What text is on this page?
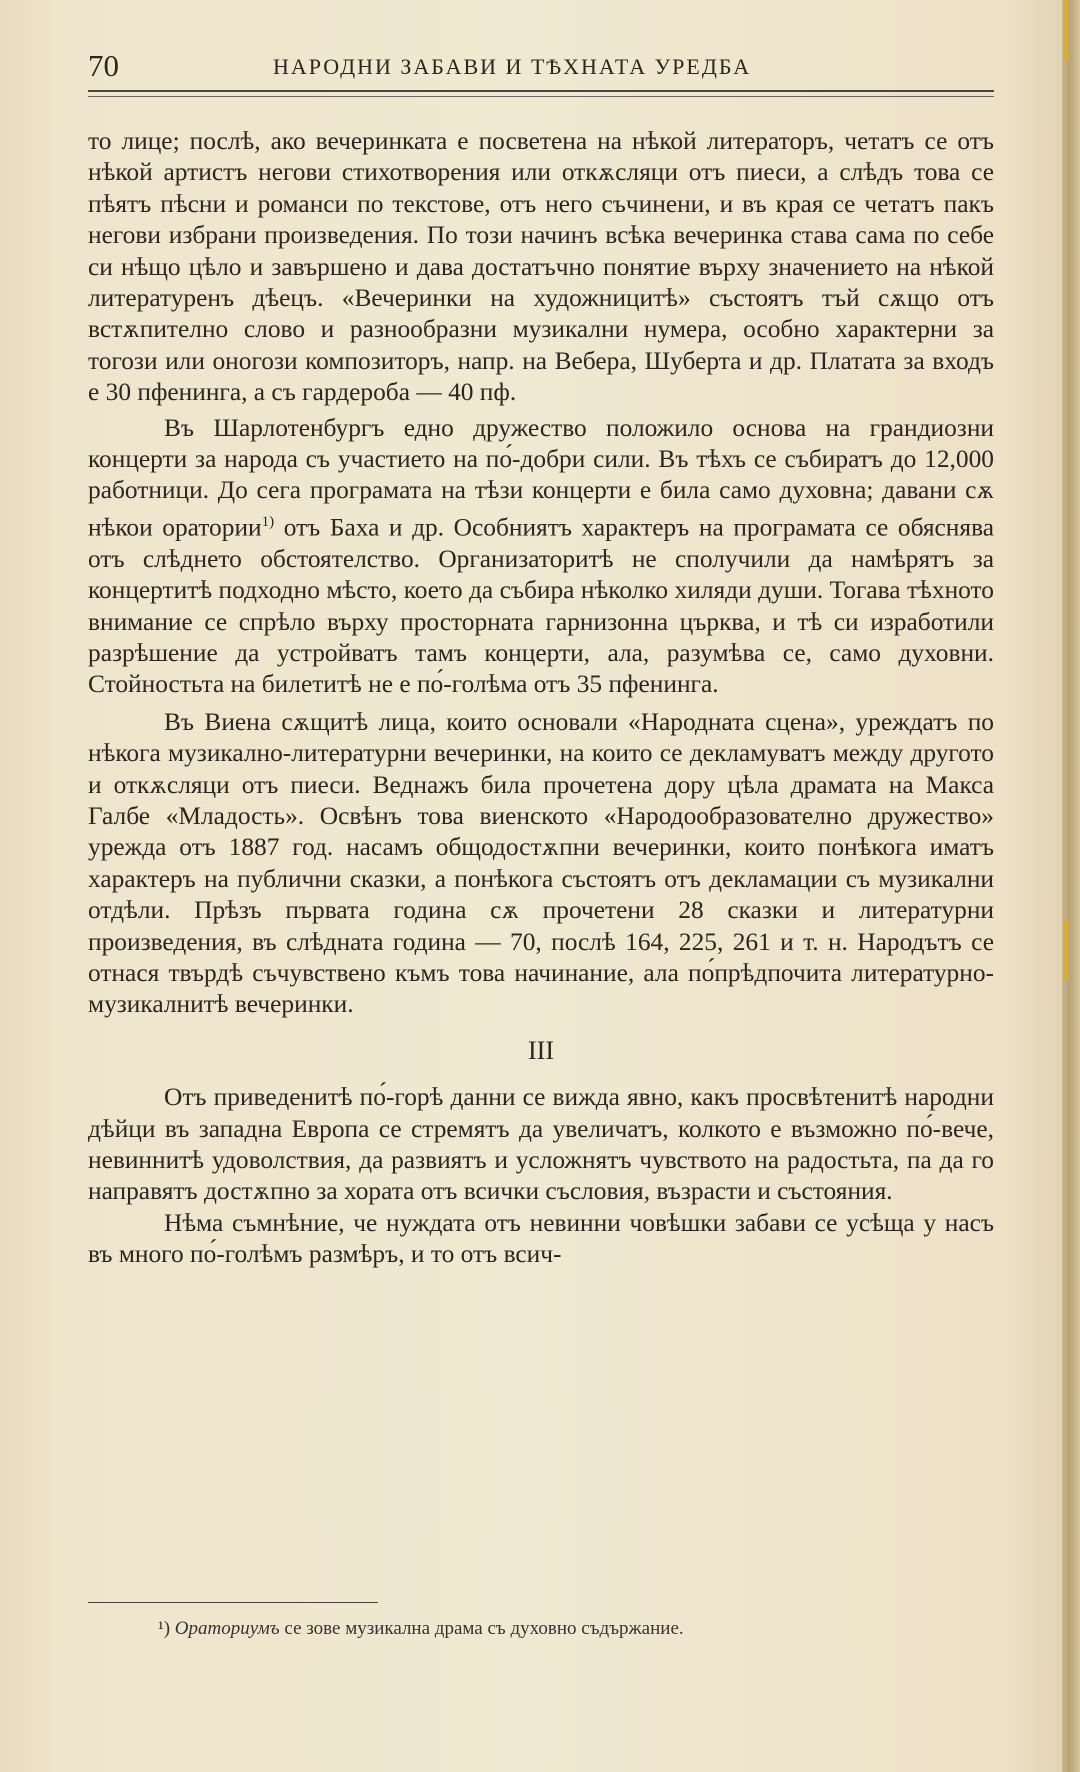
70	НАРОДНИ ЗАБАВИ И ТѢХНАТА УРЕДБА

то лице; послѣ, ако вечеринката е посветена на нѣкой литераторъ, четатъ се отъ нѣкой артистъ негови стихотворения или откѫсляци отъ пиеси, а слѣдъ това се пѣятъ пѣсни и романси по текстове, отъ него съчинени, и въ края се четатъ пакъ негови избрани произведения. По този начинъ всѣка вечеринка става сама по себе си нѣщо цѣло и завършено и дава достатъчно понятие върху значението на нѣкой литературенъ дѣецъ. «Вечеринки на художницитѣ» състоятъ тъй сѫщо отъ встѫпително слово и разнообразни музикални нумера, особно характерни за тогози или оногози композиторъ, напр. на Вебера, Шуберта и др. Платата за входъ е 30 пфенинга, а съ гардероба — 40 пф.

Въ Шарлотенбургъ едно дружество положило основа на грандиозни концерти за народа съ участието на по́-добри сили. Въ тѣхъ се събиратъ до 12,000 работници. До сега програмата на тѣзи концерти е била само духовна; давани сѫ нѣкои оратории$^{1)}$ отъ Баха и др. Особниятъ характеръ на програмата се обяснява отъ слѣднето обстоятелство. Организаторитѣ не сполучили да намѣрятъ за концертитѣ подходно мѣсто, което да събира нѣколко хиляди души. Тогава тѣхното внимание се спрѣло върху просторната гарнизонна църква, и тѣ си изработили разрѣшение да устройватъ тамъ концерти, ала, разумѣва се, само духовни. Стойностьта на билетитѣ не е по́-голѣма отъ 35 пфенинга.

Въ Виена сѫщитѣ лица, които основали «Народната сцена», уреждатъ по нѣкога музикално-литературни вечеринки, на които се декламуватъ между другото и откѫсляци отъ пиеси. Веднажъ била прочетена дору цѣла драмата на Макса Галбе «Младость». Освѣнъ това виенското «Народообразователно дружество» урежда отъ 1887 год. насамъ общодостѫпни вечеринки, които понѣкога иматъ характеръ на публични сказки, а понѣкога състоятъ отъ декламации съ музикални отдѣли. Прѣзъ първата година сѫ прочетени 28 сказки и литературни произведения, въ слѣдната година — 70, послѣ 164, 225, 261 и т. н. Народътъ се отнася твърдѣ съчувствено къмъ това начинание, ала по́прѣдпочита литературно-музикалнитѣ вечеринки.

III

Отъ приведенитѣ по́-горѣ данни се вижда явно, какъ просвѣтенитѣ народни дѣйци въ западна Европа се стремятъ да увеличатъ, колкото е възможно по́-вече, невиннитѣ удоволствия, да развиятъ и усложнятъ чувството на радостьта, па да го направятъ достѫпно за хората отъ всички съсловия, възрасти и състояния.

Нѣма съмнѣние, че нуждата отъ невинни човѣшки забави се усѣща у насъ въ много по́-голѣмъ размѣръ, и то отъ всич-

¹) Ораториумъ се зове музикална драма съ духовно съдържание.
